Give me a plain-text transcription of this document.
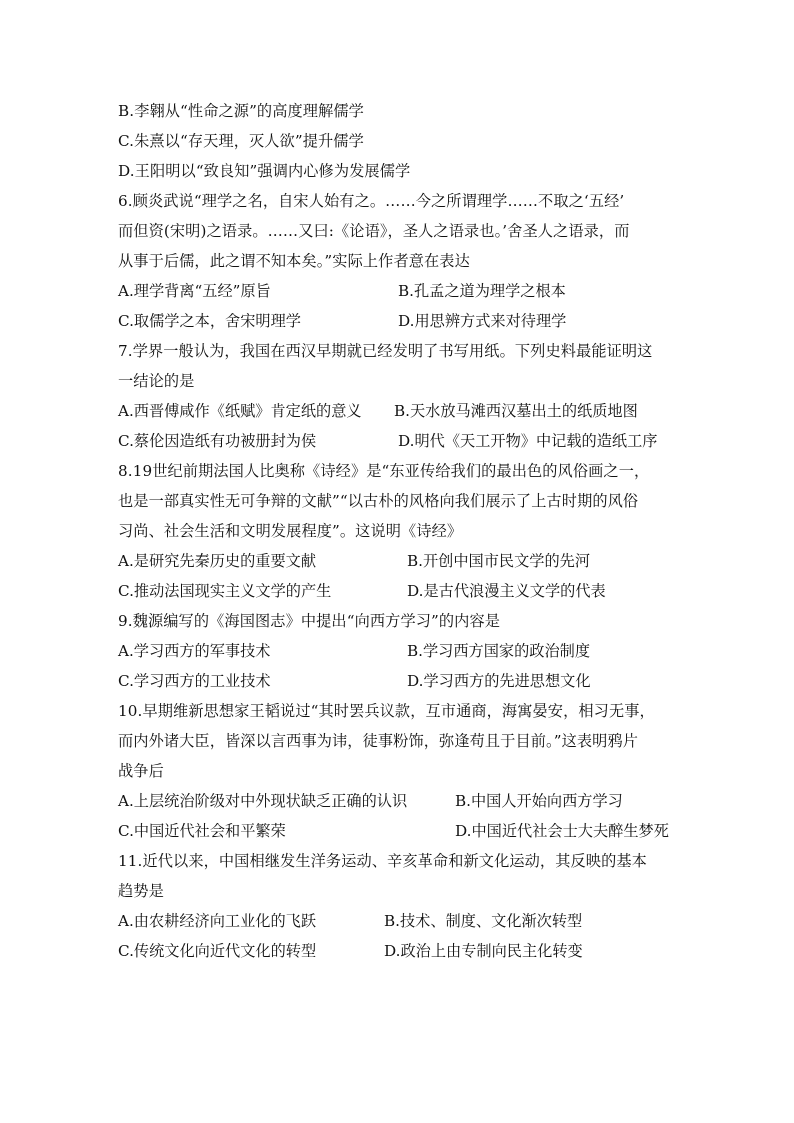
B.李翱从“性命之源”的高度理解儒学
C.朱熹以“存天理，灭人欲”提升儒学
D.王阳明以“致良知”强调内心修为发展儒学
6.顾炎武说“理学之名，自宋人始有之。……今之所谓理学……不取之‘五经’
而但资(宋明)之语录。……又曰:《论语》，圣人之语录也。’舍圣人之语录，而
从事于后儒，此之谓不知本矣。”实际上作者意在表达
A.理学背离“五经”原旨	B.孔孟之道为理学之根本
C.取儒学之本，舍宋明理学	D.用思辨方式来对待理学
7.学界一般认为，我国在西汉早期就已经发明了书写用纸。下列史料最能证明这
一结论的是
A.西晋傅咸作《纸赋》肯定纸的意义 B.天水放马滩西汉墓出土的纸质地图
C.蔡伦因造纸有功被册封为侯	D.明代《天工开物》中记载的造纸工序
8.19世纪前期法国人比奥称《诗经》是“东亚传给我们的最出色的风俗画之一，
也是一部真实性无可争辩的文献”“以古朴的风格向我们展示了上古时期的风俗
习尚、社会生活和文明发展程度”。这说明《诗经》
A.是研究先秦历史的重要文献	B.开创中国市民文学的先河
C.推动法国现实主义文学的产生	D.是古代浪漫主义文学的代表
9.魏源编写的《海国图志》中提出“向西方学习”的内容是
A.学习西方的军事技术	B.学习西方国家的政治制度
C.学习西方的工业技术	D.学习西方的先进思想文化
10.早期维新思想家王韬说过“其时罢兵议款，互市通商，海寓晏安，相习无事，
而内外诸大臣，皆深以言西事为讳，徒事粉饰，弥逢苟且于目前。”这表明鸦片
战争后
A.上层统治阶级对中外现状缺乏正确的认识	B.中国人开始向西方学习
C.中国近代社会和平繁荣	D.中国近代社会士大夫醉生梦死
11.近代以来，中国相继发生洋务运动、辛亥革命和新文化运动，其反映的基本
趋势是
A.由农耕经济向工业化的飞跃	B.技术、制度、文化渐次转型
C.传统文化向近代文化的转型	D.政治上由专制向民主化转变
